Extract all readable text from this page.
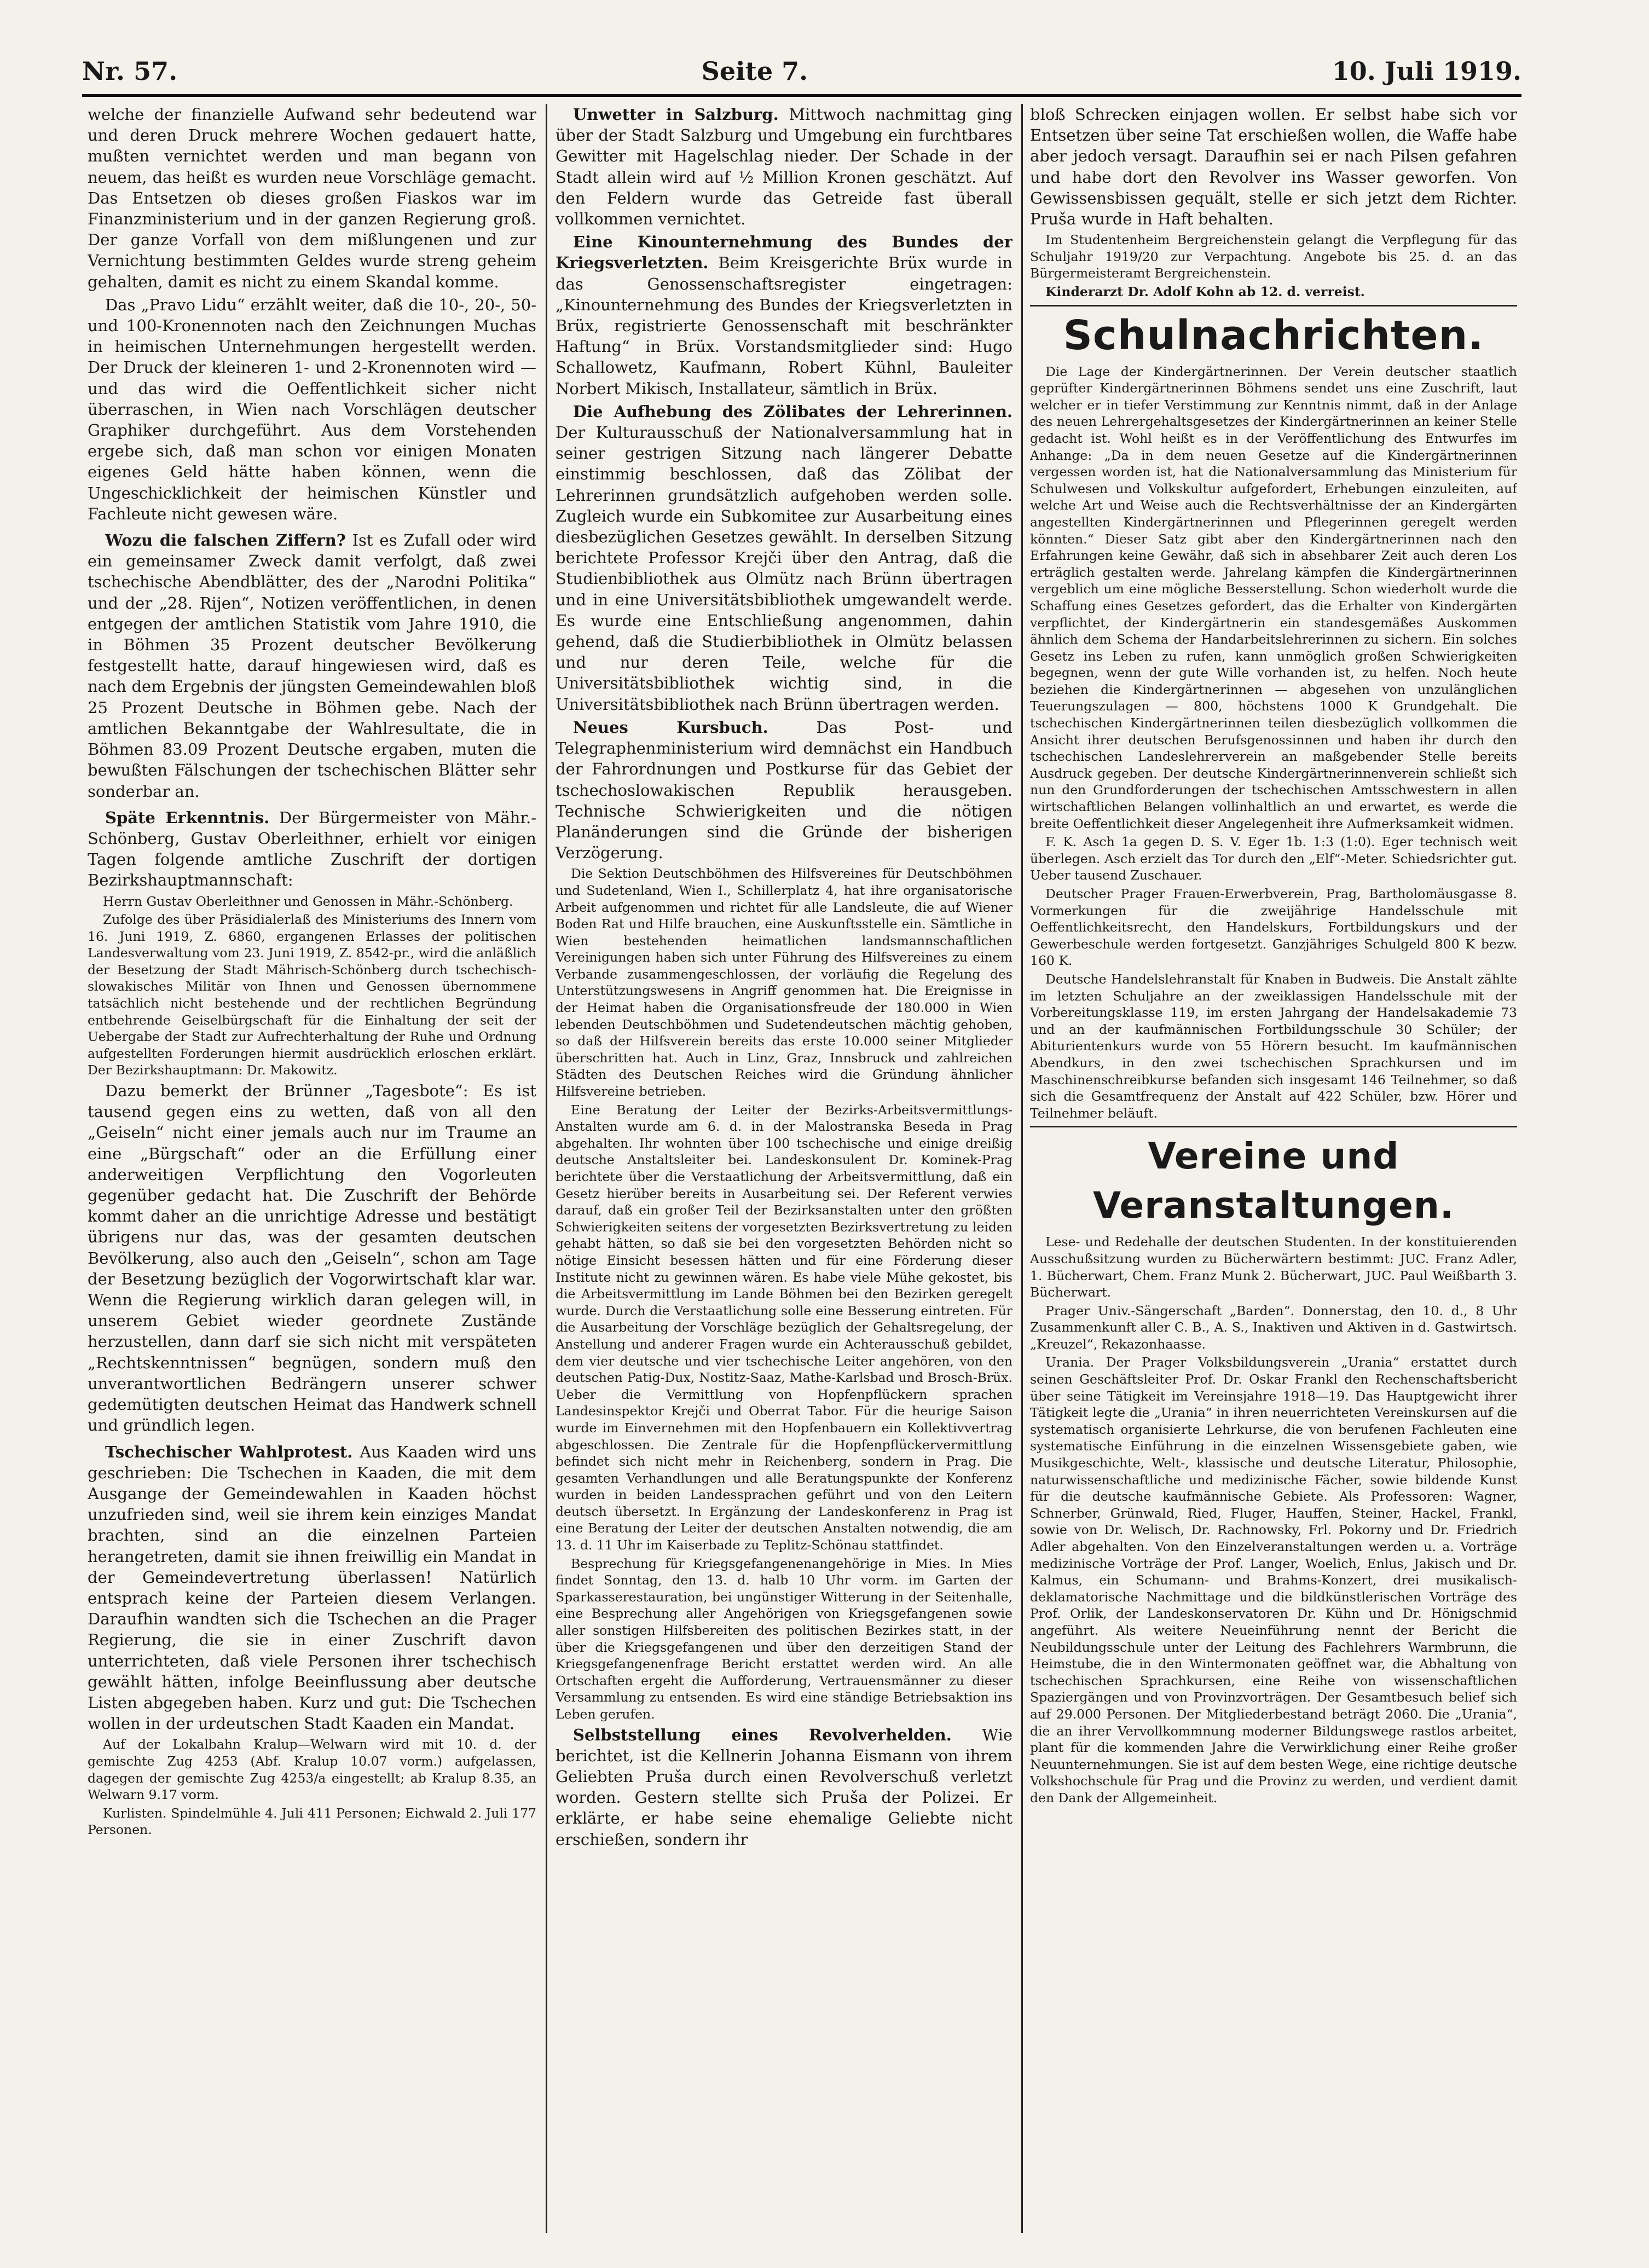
Nr. 57.	Seite 7.	10. Juli 1919.

welche der finanzielle Aufwand sehr bedeutend war und deren Druck mehrere Wochen gedauert hatte, mußten vernichtet werden und man begann von neuem, das heißt es wurden neue Vorschläge gemacht. Das Entsetzen ob dieses großen Fiaskos war im Finanzministerium und in der ganzen Regierung groß. Der ganze Vorfall von dem mißlungenen und zur Vernichtung bestimmten Geldes wurde streng geheim gehalten, damit es nicht zu einem Skandal komme.

Das „Pravo Lidu“ erzählt weiter, daß die 10-, 20-, 50- und 100-Kronennoten nach den Zeichnungen Muchas in heimischen Unternehmungen hergestellt werden. Der Druck der kleineren 1- und 2-Kronennoten wird — und das wird die Oeffentlichkeit sicher nicht überraschen, in Wien nach Vorschlägen deutscher Graphiker durchgeführt. Aus dem Vorstehenden ergebe sich, daß man schon vor einigen Monaten eigenes Geld hätte haben können, wenn die Ungeschicklichkeit der heimischen Künstler und Fachleute nicht gewesen wäre.

Wozu die falschen Ziffern? Ist es Zufall oder wird ein gemeinsamer Zweck damit verfolgt, daß zwei tschechische Abendblätter, des der „Narodni Politika“ und der „28. Rijen“, Notizen veröffentlichen, in denen entgegen der amtlichen Statistik vom Jahre 1910, die in Böhmen 35 Prozent deutscher Bevölkerung festgestellt hatte, darauf hingewiesen wird, daß es nach dem Ergebnis der jüngsten Gemeindewahlen bloß 25 Prozent Deutsche in Böhmen gebe. Nach der amtlichen Bekanntgabe der Wahlresultate, die in Böhmen 83.09 Prozent Deutsche ergaben, muten die bewußten Fälschungen der tschechischen Blätter sehr sonderbar an.

Späte Erkenntnis. Der Bürgermeister von Mähr.-Schönberg, Gustav Oberleithner, erhielt vor einigen Tagen folgende amtliche Zuschrift der dortigen Bezirkshauptmannschaft:

Herrn Gustav Oberleithner und Genossen in Mähr.-Schönberg.

Zufolge des über Präsidialerlaß des Ministeriums des Innern vom 16. Juni 1919, Z. 6860, ergangenen Erlasses der politischen Landesverwaltung vom 23. Juni 1919, Z. 8542-pr., wird die anläßlich der Besetzung der Stadt Mährisch-Schönberg durch tschechisch-slowakisches Militär von Ihnen und Genossen übernommene tatsächlich nicht bestehende und der rechtlichen Begründung entbehrende Geiselbürgschaft für die Einhaltung der seit der Uebergabe der Stadt zur Aufrechterhaltung der Ruhe und Ordnung aufgestellten Forderungen hiermit ausdrücklich erloschen erklärt. Der Bezirkshauptmann: Dr. Makowitz.

Dazu bemerkt der Brünner „Tagesbote“: Es ist tausend gegen eins zu wetten, daß von all den „Geiseln“ nicht einer jemals auch nur im Traume an eine „Bürgschaft“ oder an die Erfüllung einer anderweitigen Verpflichtung den Vogorleuten gegenüber gedacht hat. Die Zuschrift der Behörde kommt daher an die unrichtige Adresse und bestätigt übrigens nur das, was der gesamten deutschen Bevölkerung, also auch den „Geiseln“, schon am Tage der Besetzung bezüglich der Vogorwirtschaft klar war. Wenn die Regierung wirklich daran gelegen will, in unserem Gebiet wieder geordnete Zustände herzustellen, dann darf sie sich nicht mit verspäteten „Rechtskenntnissen“ begnügen, sondern muß den unverantwortlichen Bedrängern unserer schwer gedemütigten deutschen Heimat das Handwerk schnell und gründlich legen.

Tschechischer Wahlprotest. Aus Kaaden wird uns geschrieben: Die Tschechen in Kaaden, die mit dem Ausgange der Gemeindewahlen in Kaaden höchst unzufrieden sind, weil sie ihrem kein einziges Mandat brachten, sind an die einzelnen Parteien herangetreten, damit sie ihnen freiwillig ein Mandat in der Gemeindevertretung überlassen! Natürlich entsprach keine der Parteien diesem Verlangen. Daraufhin wandten sich die Tschechen an die Prager Regierung, die sie in einer Zuschrift davon unterrichteten, daß viele Personen ihrer tschechisch gewählt hätten, infolge Beeinflussung aber deutsche Listen abgegeben haben. Kurz und gut: Die Tschechen wollen in der urdeutschen Stadt Kaaden ein Mandat.

Auf der Lokalbahn Kralup—Welwarn wird mit 10. d. der gemischte Zug 4253 (Abf. Kralup 10.07 vorm.) aufgelassen, dagegen der gemischte Zug 4253/a eingestellt; ab Kralup 8.35, an Welwarn 9.17 vorm.

Kurlisten. Spindelmühle 4. Juli 411 Personen; Eichwald 2. Juli 177 Personen.

Unwetter in Salzburg. Mittwoch nachmittag ging über der Stadt Salzburg und Umgebung ein furchtbares Gewitter mit Hagelschlag nieder. Der Schade in der Stadt allein wird auf ½ Million Kronen geschätzt. Auf den Feldern wurde das Getreide fast überall vollkommen vernichtet.

Eine Kinounternehmung des Bundes der Kriegsverletzten. Beim Kreisgerichte Brüx wurde in das Genossenschaftsregister eingetragen: „Kinounternehmung des Bundes der Kriegsverletzten in Brüx, registrierte Genossenschaft mit beschränkter Haftung“ in Brüx. Vorstandsmitglieder sind: Hugo Schallowetz, Kaufmann, Robert Kühnl, Bauleiter Norbert Mikisch, Installateur, sämtlich in Brüx.

Die Aufhebung des Zölibates der Lehrerinnen. Der Kulturausschuß der Nationalversammlung hat in seiner gestrigen Sitzung nach längerer Debatte einstimmig beschlossen, daß das Zölibat der Lehrerinnen grundsätzlich aufgehoben werden solle. Zugleich wurde ein Subkomitee zur Ausarbeitung eines diesbezüglichen Gesetzes gewählt. In derselben Sitzung berichtete Professor Krejči über den Antrag, daß die Studienbibliothek aus Olmütz nach Brünn übertragen und in eine Universitätsbibliothek umgewandelt werde. Es wurde eine Entschließung angenommen, dahin gehend, daß die Studierbibliothek in Olmütz belassen und nur deren Teile, welche für die Universitätsbibliothek wichtig sind, in die Universitätsbibliothek nach Brünn übertragen werden.

Neues Kursbuch.	Das Post- und Telegraphenministerium wird demnächst ein Handbuch der Fahrordnungen und Postkurse für das Gebiet der tschechoslowakischen Republik herausgeben. Technische Schwierigkeiten und die nötigen Planänderungen sind die Gründe der bisherigen Verzögerung.

Die Sektion Deutschböhmen des Hilfsvereines für Deutschböhmen und Sudetenland, Wien I., Schillerplatz 4, hat ihre organisatorische Arbeit aufgenommen und richtet für alle Landsleute, die auf Wiener Boden Rat und Hilfe brauchen, eine Auskunftsstelle ein. Sämtliche in Wien bestehenden heimatlichen landsmannschaftlichen Vereinigungen haben sich unter Führung des Hilfsvereines zu einem Verbande zusammengeschlossen, der vorläufig die Regelung des Unterstützungswesens in Angriff genommen hat. Die Ereignisse in der Heimat haben die Organisationsfreude der 180.000 in Wien lebenden Deutschböhmen und Sudetendeutschen mächtig gehoben, so daß der Hilfsverein bereits das erste 10.000 seiner Mitglieder überschritten hat. Auch in Linz, Graz, Innsbruck und zahlreichen Städten des Deutschen Reiches wird die Gründung ähnlicher Hilfsvereine betrieben.

Eine Beratung der Leiter der Bezirks-Arbeitsvermittlungs-Anstalten wurde am 6. d. in der Malostranska Beseda in Prag abgehalten. Ihr wohnten über 100 tschechische und einige dreißig deutsche Anstaltsleiter bei. Landeskonsulent Dr. Kominek-Prag berichtete über die Verstaatlichung der Arbeitsvermittlung, daß ein Gesetz hierüber bereits in Ausarbeitung sei. Der Referent verwies darauf, daß ein großer Teil der Bezirksanstalten unter den größten Schwierigkeiten seitens der vorgesetzten Bezirksvertretung zu leiden gehabt hätten, so daß sie bei den vorgesetzten Behörden nicht so nötige Einsicht besessen hätten und für eine Förderung dieser Institute nicht zu gewinnen wären. Es habe viele Mühe gekostet, bis die Arbeitsvermittlung im Lande Böhmen bei den Bezirken geregelt wurde. Durch die Verstaatlichung solle eine Besserung eintreten. Für die Ausarbeitung der Vorschläge bezüglich der Gehaltsregelung, der Anstellung und anderer Fragen wurde ein Achterausschuß gebildet, dem vier deutsche und vier tschechische Leiter angehören, von den deutschen Patig-Dux, Nostitz-Saaz, Mathe-Karlsbad und Brosch-Brüx. Ueber die Vermittlung von Hopfenpflückern sprachen Landesinspektor Krejči und Oberrat Tabor. Für die heurige Saison wurde im Einvernehmen mit den Hopfenbauern ein Kollektivvertrag abgeschlossen. Die Zentrale für die Hopfenpflückervermittlung befindet sich nicht mehr in Reichenberg, sondern in Prag. Die gesamten Verhandlungen und alle Beratungspunkte der Konferenz wurden in beiden Landessprachen geführt und von den Leitern deutsch übersetzt. In Ergänzung der Landeskonferenz in Prag ist eine Beratung der Leiter der deutschen Anstalten notwendig, die am 13. d. 11 Uhr im Kaiserbade zu Teplitz-Schönau stattfindet.

Besprechung für Kriegsgefangenenangehörige in Mies. In Mies findet Sonntag, den 13. d. halb 10 Uhr vorm. im Garten der Sparkasserestauration, bei ungünstiger Witterung in der Seitenhalle, eine Besprechung aller Angehörigen von Kriegsgefangenen sowie aller sonstigen Hilfsbereiten des politischen Bezirkes statt, in der über die Kriegsgefangenen und über den derzeitigen Stand der Kriegsgefangenenfrage Bericht erstattet werden wird. An alle Ortschaften ergeht die Aufforderung, Vertrauensmänner zu dieser Versammlung zu entsenden. Es wird eine ständige Betriebsaktion ins Leben gerufen.

Selbststellung eines Revolverhelden. Wie berichtet, ist die Kellnerin Johanna Eismann von ihrem Geliebten Pruša durch einen Revolverschuß verletzt worden. Gestern stellte sich Pruša der Polizei. Er erklärte, er habe seine ehemalige Geliebte nicht erschießen, sondern ihr

bloß Schrecken einjagen wollen. Er selbst habe sich vor Entsetzen über seine Tat erschießen wollen, die Waffe habe aber jedoch versagt. Daraufhin sei er nach Pilsen gefahren und habe dort den Revolver ins Wasser geworfen. Von Gewissensbissen gequält, stelle er sich jetzt dem Richter. Pruša wurde in Haft behalten.

Im Studentenheim Bergreichenstein gelangt die Verpflegung für das Schuljahr 1919/20 zur Verpachtung. Angebote bis 25. d. an das Bürgermeisteramt Bergreichenstein.

Kinderarzt Dr. Adolf Kohn ab 12. d. verreist.

Schulnachrichten.

Die Lage der Kindergärtnerinnen. Der Verein deutscher staatlich geprüfter Kindergärtnerinnen Böhmens sendet uns eine Zuschrift, laut welcher er in tiefer Verstimmung zur Kenntnis nimmt, daß in der Anlage des neuen Lehrergehaltsgesetzes der Kindergärtnerinnen an keiner Stelle gedacht ist. Wohl heißt es in der Veröffentlichung des Entwurfes im Anhange: „Da in dem neuen Gesetze auf die Kindergärtnerinnen vergessen worden ist, hat die Nationalversammlung das Ministerium für Schulwesen und Volkskultur aufgefordert, Erhebungen einzuleiten, auf welche Art und Weise auch die Rechtsverhältnisse der an Kindergärten angestellten Kindergärtnerinnen und Pflegerinnen geregelt werden könnten.“ Dieser Satz gibt aber den Kindergärtnerinnen nach den Erfahrungen keine Gewähr, daß sich in absehbarer Zeit auch deren Los erträglich gestalten werde. Jahrelang kämpfen die Kindergärtnerinnen vergeblich um eine mögliche Besserstellung. Schon wiederholt wurde die Schaffung eines Gesetzes gefordert, das die Erhalter von Kindergärten verpflichtet, der Kindergärtnerin ein standesgemäßes Auskommen ähnlich dem Schema der Handarbeitslehrerinnen zu sichern. Ein solches Gesetz ins Leben zu rufen, kann unmöglich großen Schwierigkeiten begegnen, wenn der gute Wille vorhanden ist, zu helfen. Noch heute beziehen die Kindergärtnerinnen — abgesehen von unzulänglichen Teuerungszulagen — 800, höchstens 1000 K Grundgehalt. Die tschechischen Kindergärtnerinnen teilen diesbezüglich vollkommen die Ansicht ihrer deutschen Berufsgenossinnen und haben ihr durch den tschechischen Landeslehrerverein an maßgebender Stelle bereits Ausdruck gegeben. Der deutsche Kindergärtnerinnenverein schließt sich nun den Grundforderungen der tschechischen Amtsschwestern in allen wirtschaftlichen Belangen vollinhaltlich an und erwartet, es werde die breite Oeffentlichkeit dieser Angelegenheit ihre Aufmerksamkeit widmen.

F. K. Asch 1a gegen D. S. V. Eger 1b. 1:3 (1:0). Eger technisch weit überlegen. Asch erzielt das Tor durch den „Elf“-Meter. Schiedsrichter gut. Ueber tausend Zuschauer.

Deutscher Prager Frauen-Erwerbverein, Prag, Bartholomäusgasse 8. Vormerkungen für die zweijährige Handelsschule mit Oeffentlichkeitsrecht, den Handelskurs, Fortbildungskurs und der Gewerbeschule werden fortgesetzt. Ganzjähriges Schulgeld 800 K bezw. 160 K.

Deutsche Handelslehranstalt für Knaben in Budweis. Die Anstalt zählte im letzten Schuljahre an der zweiklassigen Handelsschule mit der Vorbereitungsklasse 119, im ersten Jahrgang der Handelsakademie 73 und an der kaufmännischen Fortbildungsschule 30 Schüler; der Abiturientenkurs wurde von 55 Hörern besucht. Im kaufmännischen Abendkurs, in den zwei tschechischen Sprachkursen und im Maschinenschreibkurse befanden sich insgesamt 146 Teilnehmer, so daß sich die Gesamtfrequenz der Anstalt auf 422 Schüler, bzw. Hörer und Teilnehmer beläuft.

Vereine und Veranstaltungen.

Lese- und Redehalle der deutschen Studenten. In der konstituierenden Ausschußsitzung wurden zu Bücherwärtern bestimmt: JUC. Franz Adler, 1. Bücherwart, Chem. Franz Munk 2. Bücherwart, JUC. Paul Weißbarth 3. Bücherwart.

Prager Univ.-Sängerschaft „Barden“. Donnerstag, den 10. d., 8 Uhr Zusammenkunft aller C. B., A. S., Inaktiven und Aktiven in d. Gastwirtsch. „Kreuzel“, Rekazonhaasse.

Urania. Der Prager Volksbildungsverein „Urania“ erstattet durch seinen Geschäftsleiter Prof. Dr. Oskar Frankl den Rechenschaftsbericht über seine Tätigkeit im Vereinsjahre 1918—19. Das Hauptgewicht ihrer Tätigkeit legte die „Urania“ in ihren neuerrichteten Vereinskursen auf die systematisch organisierte Lehrkurse, die von berufenen Fachleuten eine systematische Einführung in die einzelnen Wissensgebiete gaben, wie Musikgeschichte, Welt-, klassische und deutsche Literatur, Philosophie, naturwissenschaftliche und medizinische Fächer, sowie bildende Kunst für die deutsche kaufmännische Gebiete. Als Professoren: Wagner, Schnerber, Grünwald, Ried, Fluger, Hauffen, Steiner, Hackel, Frankl, sowie von Dr. Welisch, Dr. Rachnowsky, Frl. Pokorny und Dr. Friedrich Adler abgehalten. Von den Einzelveranstaltungen werden u. a. Vorträge medizinische Vorträge der Prof. Langer, Woelich, Enlus, Jakisch und Dr. Kalmus, ein Schumann- und Brahms-Konzert, drei musikalisch-deklamatorische Nachmittage und die bildkünstlerischen Vorträge des Prof. Orlik, der Landeskonservatoren Dr. Kühn und Dr. Hönigschmid angeführt. Als weitere Neueinführung nennt der Bericht die Neubildungsschule unter der Leitung des Fachlehrers Warmbrunn, die Heimstube, die in den Wintermonaten geöffnet war, die Abhaltung von tschechischen Sprachkursen, eine Reihe von wissenschaftlichen Spaziergängen und von Provinzvorträgen. Der Gesamtbesuch belief sich auf 29.000 Personen. Der Mitgliederbestand beträgt 2060. Die „Urania“, die an ihrer Vervollkommnung moderner Bildungswege rastlos arbeitet, plant für die kommenden Jahre die Verwirklichung einer Reihe großer Neuunternehmungen. Sie ist auf dem besten Wege, eine richtige deutsche Volkshochschule für Prag und die Provinz zu werden, und verdient damit den Dank der Allgemeinheit.
